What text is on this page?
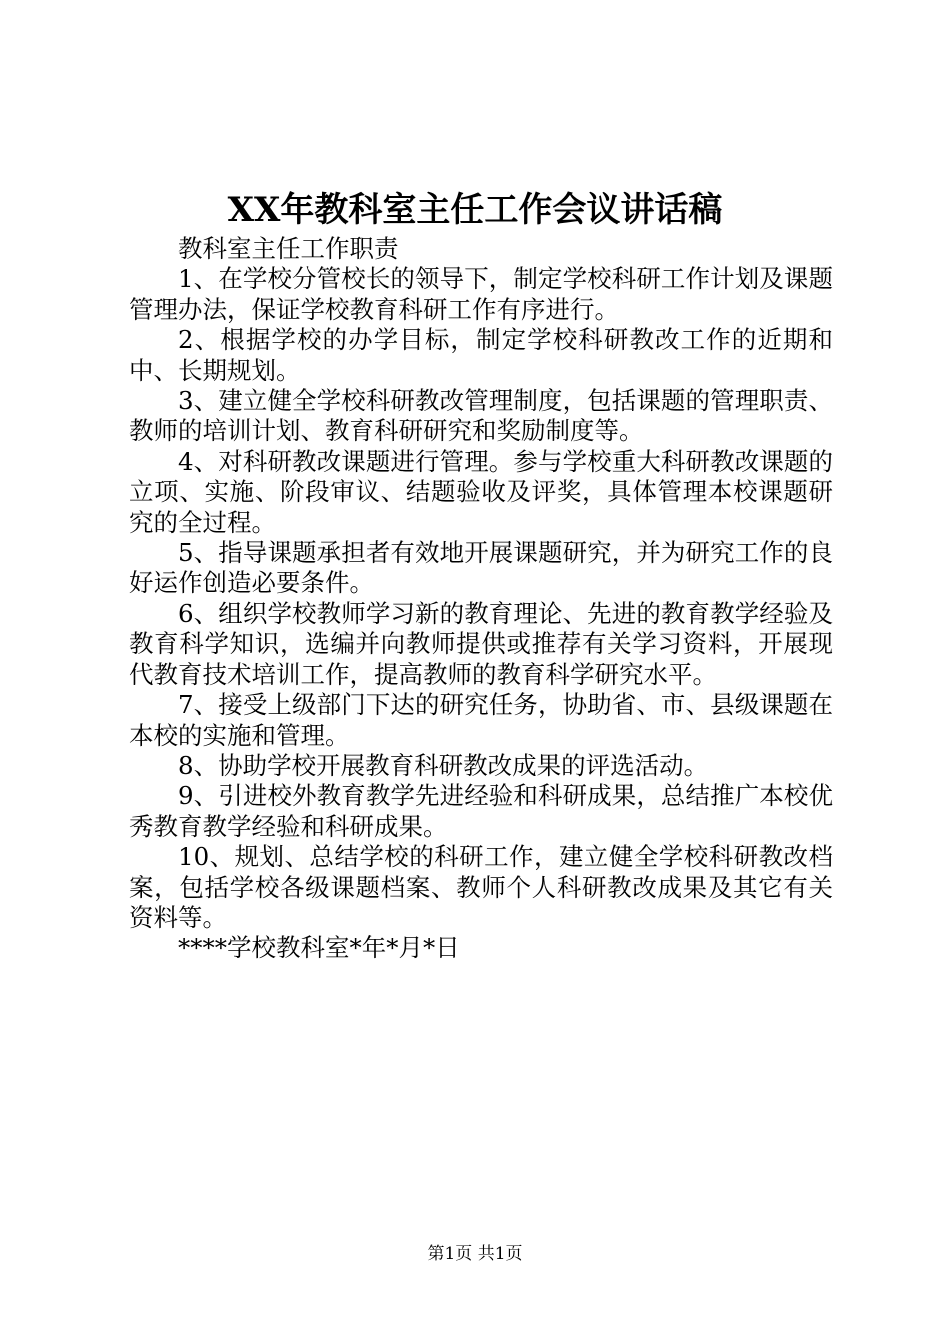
XX年教科室主任工作会议讲话稿

教科室主任工作职责

1、在学校分管校长的领导下，制定学校科研工作计划及课题管理办法，保证学校教育科研工作有序进行。

2、根据学校的办学目标，制定学校科研教改工作的近期和中、长期规划。

3、建立健全学校科研教改管理制度，包括课题的管理职责、教师的培训计划、教育科研研究和奖励制度等。

4、对科研教改课题进行管理。参与学校重大科研教改课题的立项、实施、阶段审议、结题验收及评奖，具体管理本校课题研究的全过程。

5、指导课题承担者有效地开展课题研究，并为研究工作的良好运作创造必要条件。

6、组织学校教师学习新的教育理论、先进的教育教学经验及教育科学知识，选编并向教师提供或推荐有关学习资料，开展现代教育技术培训工作，提高教师的教育科学研究水平。

7、接受上级部门下达的研究任务，协助省、市、县级课题在本校的实施和管理。

8、协助学校开展教育科研教改成果的评选活动。

9、引进校外教育教学先进经验和科研成果，总结推广本校优秀教育教学经验和科研成果。

10、规划、总结学校的科研工作，建立健全学校科研教改档案，包括学校各级课题档案、教师个人科研教改成果及其它有关资料等。

****学校教科室*年*月*日

第1页 共1页
